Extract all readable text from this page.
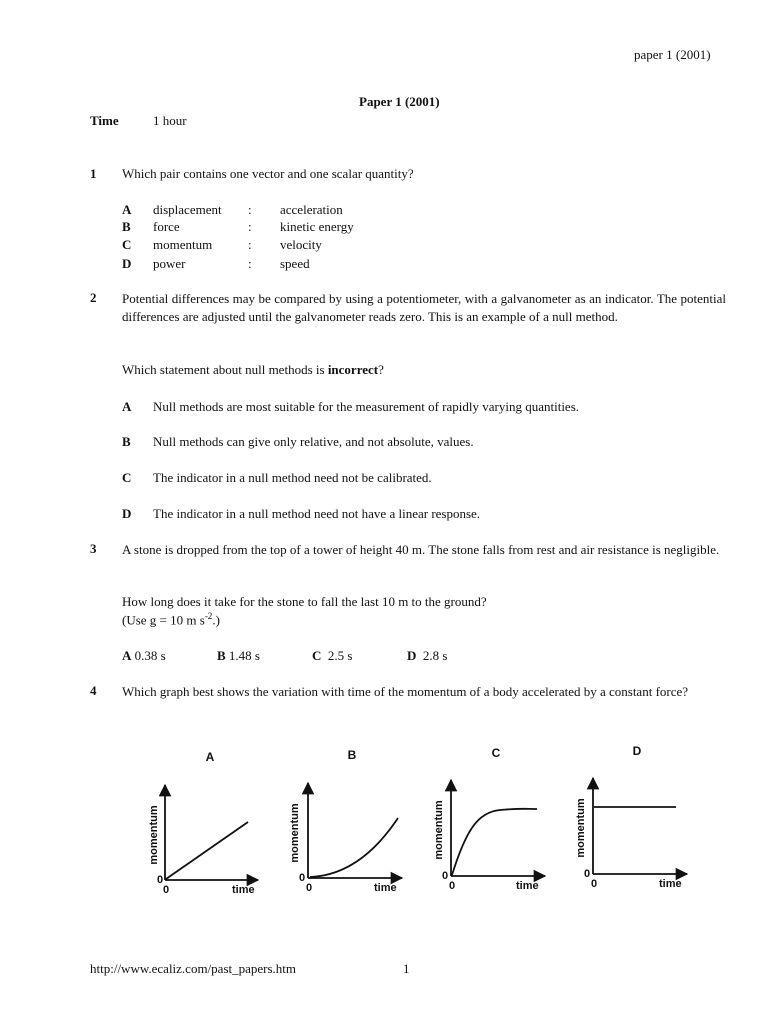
paper 1 (2001)
Paper 1 (2001)
Time	1 hour
1 Which pair contains one vector and one scalar quantity?
A displacement : acceleration
B force	: kinetic energy
C momentum	: velocity
D power	: speed
2 Potential differences may be compared by using a potentiometer, with a galvanometer as an indicator. The potential differences are adjusted until the galvanometer reads zero. This is an example of a null method.
Which statement about null methods is incorrect?
A Null methods are most suitable for the measurement of rapidly varying quantities.
B Null methods can give only relative, and not absolute, values.
C The indicator in a null method need not be calibrated.
D The indicator in a null method need not have a linear response.
3 A stone is dropped from the top of a tower of height 40 m. The stone falls from rest and air resistance is negligible.
How long does it take for the stone to fall the last 10 m to the ground?
(Use g = 10 m $s^{-2}$.)
A 0.38 s	B 1.48 s	C 2.5 s	D 2.8 s
4 Which graph best shows the variation with time of the momentum of a body accelerated by a constant force?
A
momentum
time
0
0
B
momentum
time
0
0
C
momentum
time
0
0
D
momentum
time
0
0
http://www.ecaliz.com/past_papers.htm	1
